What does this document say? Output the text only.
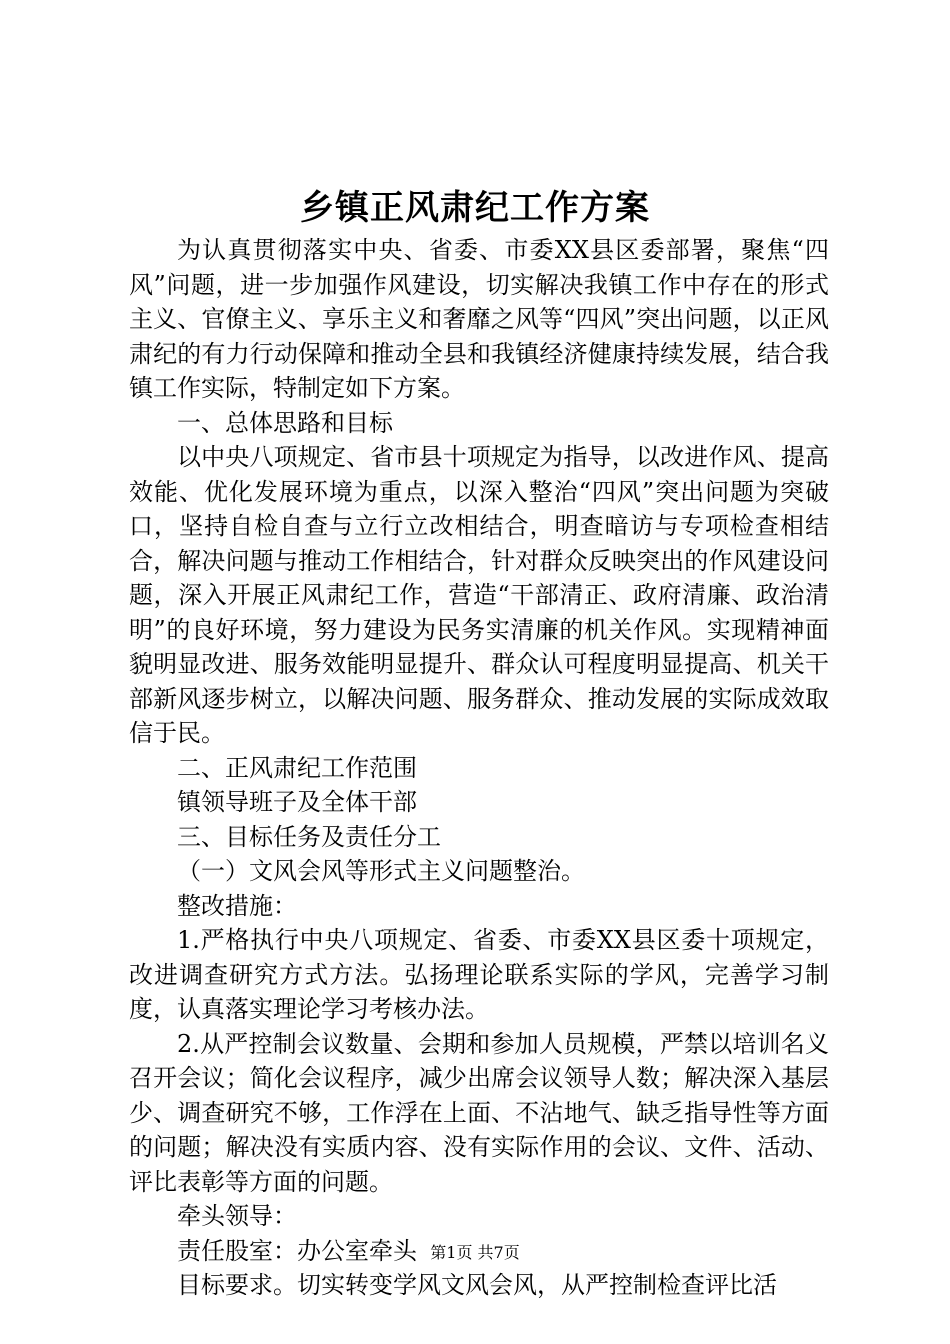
乡镇正风肃纪工作方案

为认真贯彻落实中央、省委、市委XX县区委部署，聚焦“四风”问题，进一步加强作风建设，切实解决我镇工作中存在的形式主义、官僚主义、享乐主义和奢靡之风等“四风”突出问题，以正风肃纪的有力行动保障和推动全县和我镇经济健康持续发展，结合我镇工作实际，特制定如下方案。

一、总体思路和目标

以中央八项规定、省市县十项规定为指导，以改进作风、提高效能、优化发展环境为重点，以深入整治“四风”突出问题为突破口，坚持自检自查与立行立改相结合，明查暗访与专项检查相结合，解决问题与推动工作相结合，针对群众反映突出的作风建设问题，深入开展正风肃纪工作，营造“干部清正、政府清廉、政治清明”的良好环境，努力建设为民务实清廉的机关作风。实现精神面貌明显改进、服务效能明显提升、群众认可程度明显提高、机关干部新风逐步树立，以解决问题、服务群众、推动发展的实际成效取信于民。

二、正风肃纪工作范围

镇领导班子及全体干部

三、目标任务及责任分工

（一）文风会风等形式主义问题整治。

整改措施：

1.严格执行中央八项规定、省委、市委XX县区委十项规定，改进调查研究方式方法。弘扬理论联系实际的学风，完善学习制度，认真落实理论学习考核办法。

2.从严控制会议数量、会期和参加人员规模，严禁以培训名义召开会议；简化会议程序，减少出席会议领导人数；解决深入基层少、调查研究不够，工作浮在上面、不沾地气、缺乏指导性等方面的问题；解决没有实质内容、没有实际作用的会议、文件、活动、评比表彰等方面的问题。

牵头领导：

责任股室：办公室牵头

目标要求。切实转变学风文风会风，从严控制检查评比活

第1页 共7页
